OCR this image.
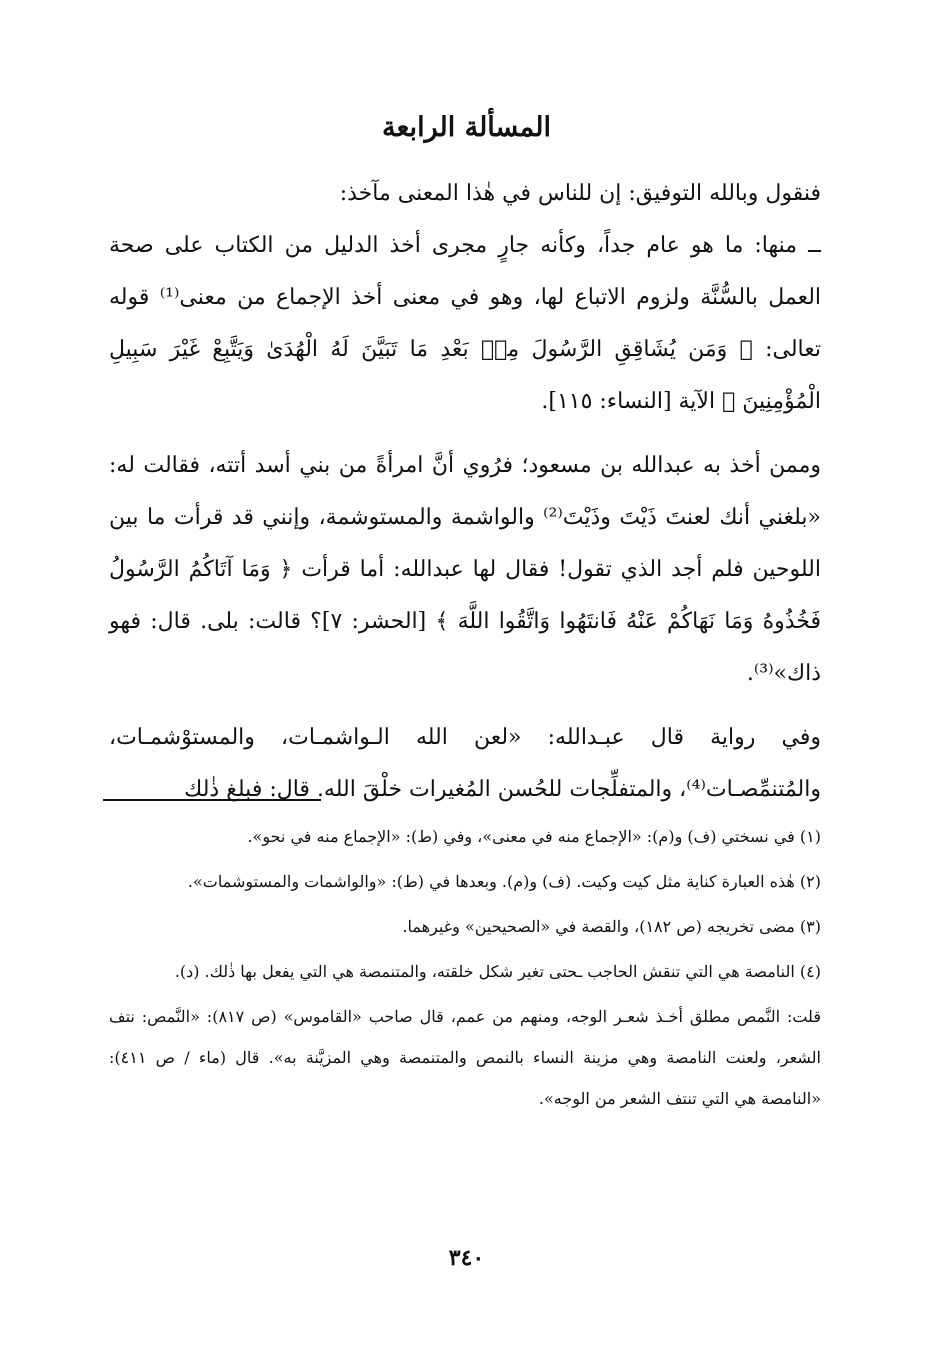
المسألة الرابعة

فنقول وبالله التوفيق: إن للناس في هٰذا المعنى مآخذ:

ــ منها: ما هو عام جداً، وكأنه جارٍ مجرى أخذ الدليل من الكتاب على صحة العمل بالسُّنَّة ولزوم الاتباع لها، وهو في معنى أخذ الإجماع من معنى⁽¹⁾ قوله تعالى: ﴿ وَمَن يُشَاقِقِ الرَّسُولَ مِنۢ بَعْدِ مَا تَبَيَّنَ لَهُ الْهُدَىٰ وَيَتَّبِعْ غَيْرَ سَبِيلِ الْمُؤْمِنِينَ ﴾ الآية [النساء: ١١٥].

وممن أخذ به عبدالله بن مسعود؛ فرُوي أنَّ امرأةً من بني أسد أتته، فقالت له: «بلغني أنك لعنتَ ذَيْتَ وذَيْتَ⁽²⁾ والواشمة والمستوشمة، وإنني قد قرأت ما بين اللوحين فلم أجد الذي تقول! فقال لها عبدالله: أما قرأت ﴿ وَمَا آتَاكُمُ الرَّسُولُ فَخُذُوهُ وَمَا نَهَاكُمْ عَنْهُ فَانتَهُوا وَاتَّقُوا اللَّهَ ﴾ [الحشر: ٧]؟ قالت: بلى. قال: فهو ذاك»⁽³⁾.

وفي رواية قال عبـدالله: «لعن الله الـواشمـات، والمستوْشمـات، والمُتنمِّصـات⁽⁴⁾، والمتفلِّجات للحُسن المُغيرات خلْقَ الله. قال: فبلغ ذٰلك

(١) في نسختي (ف) و(م): «الإجماع منه في معنى»، وفي (ط): «الإجماع منه في نحو».

(٢) هٰذه العبارة كناية مثل كيت وكيت. (ف) و(م). وبعدها في (ط): «والواشمات والمستوشمات».

(٣) مضى تخريجه (ص ١٨٢)، والقصة في «الصحيحين» وغيرهما.

(٤) النامصة هي التي تنقش الحاجب ـحتى تغير شكل خلقته، والمتنمصة هي التي يفعل بها ذٰلك. (د).

قلت: النَّمص مطلق أخـذ شعـر الوجه، ومنهم من عمم، قال صاحب «القاموس» (ص ٨١٧): «النَّمص: نتف الشعر، ولعنت النامصة وهي مزينة النساء بالنمص والمتنمصة وهي المزيَّنة به». قال (ماء / ص ٤١١): «النامصة هي التي تنتف الشعر من الوجه».

٣٤٠
